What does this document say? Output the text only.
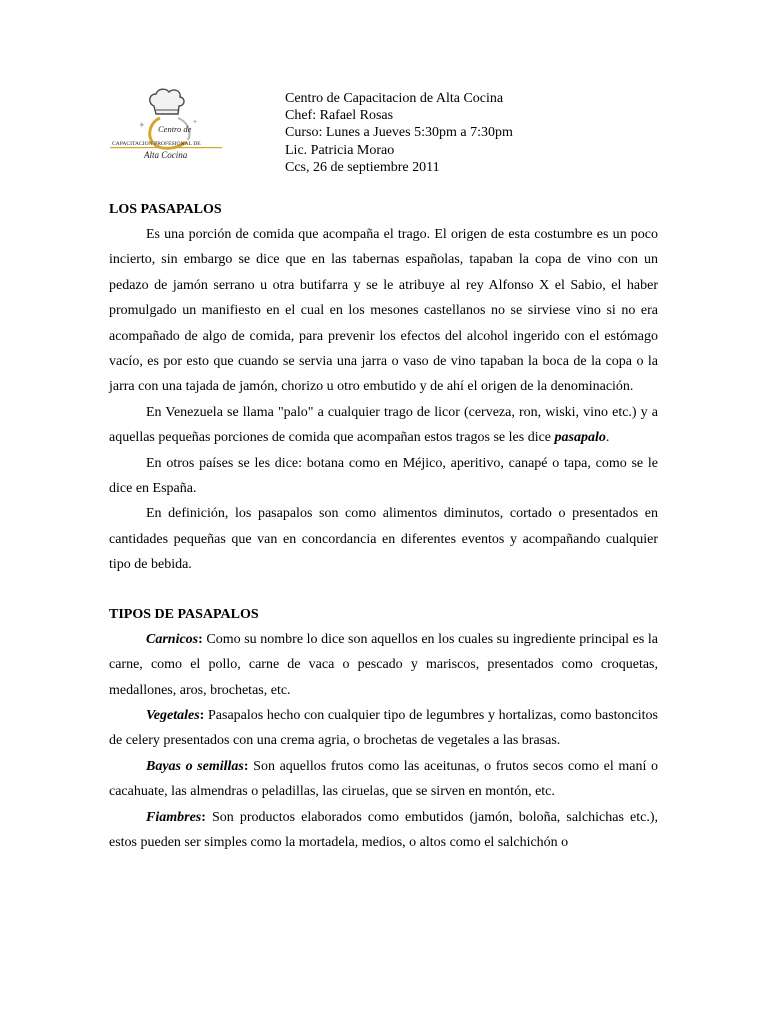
✦	✦
Centro de
CAPACITACION PROFESIONAL DE
Alta Cocina
Centro de Capacitacion de Alta Cocina
Chef: Rafael Rosas
Curso: Lunes a Jueves 5:30pm a 7:30pm
Lic. Patricia Morao
Ccs, 26 de septiembre 2011

LOS PASAPALOS

Es una porción de comida que acompaña el trago. El origen de esta costumbre es un poco incierto, sin embargo se dice que en las tabernas españolas, tapaban la copa de vino con un pedazo de jamón serrano u otra butifarra y se le atribuye al rey Alfonso X el Sabio, el haber promulgado un manifiesto en el cual en los mesones castellanos no se sirviese vino si no era acompañado de algo de comida, para prevenir los efectos del alcohol ingerido con el estómago vacío, es por esto que cuando se servia una jarra o vaso de vino tapaban la boca de la copa o la jarra con una tajada de jamón, chorizo u otro embutido y de ahí el origen de la denominación.

En Venezuela se llama "palo" a cualquier trago de licor (cerveza, ron, wiski, vino etc.) y a aquellas pequeñas porciones de comida que acompañan estos tragos se les dice pasapalo.

En otros países se les dice: botana como en Méjico, aperitivo, canapé o tapa, como se le dice en España.

En definición, los pasapalos son como alimentos diminutos, cortado o presentados en cantidades pequeñas que van en concordancia en diferentes eventos y acompañando cualquier tipo de bebida.

TIPOS DE PASAPALOS

Carnicos: Como su nombre lo dice son aquellos en los cuales su ingrediente principal es la carne, como el pollo, carne de vaca o pescado y mariscos, presentados como croquetas, medallones, aros, brochetas, etc.

Vegetales: Pasapalos hecho con cualquier tipo de legumbres y hortalizas, como bastoncitos de celery presentados con una crema agria, o brochetas de vegetales a las brasas.

Bayas o semillas: Son aquellos frutos como las aceitunas, o frutos secos como el maní o cacahuate, las almendras o peladillas, las ciruelas, que se sirven en montón, etc.

Fiambres: Son productos elaborados como embutidos (jamón, boloña, salchichas etc.), estos pueden ser simples como la mortadela, medios, o altos como el salchichón o
